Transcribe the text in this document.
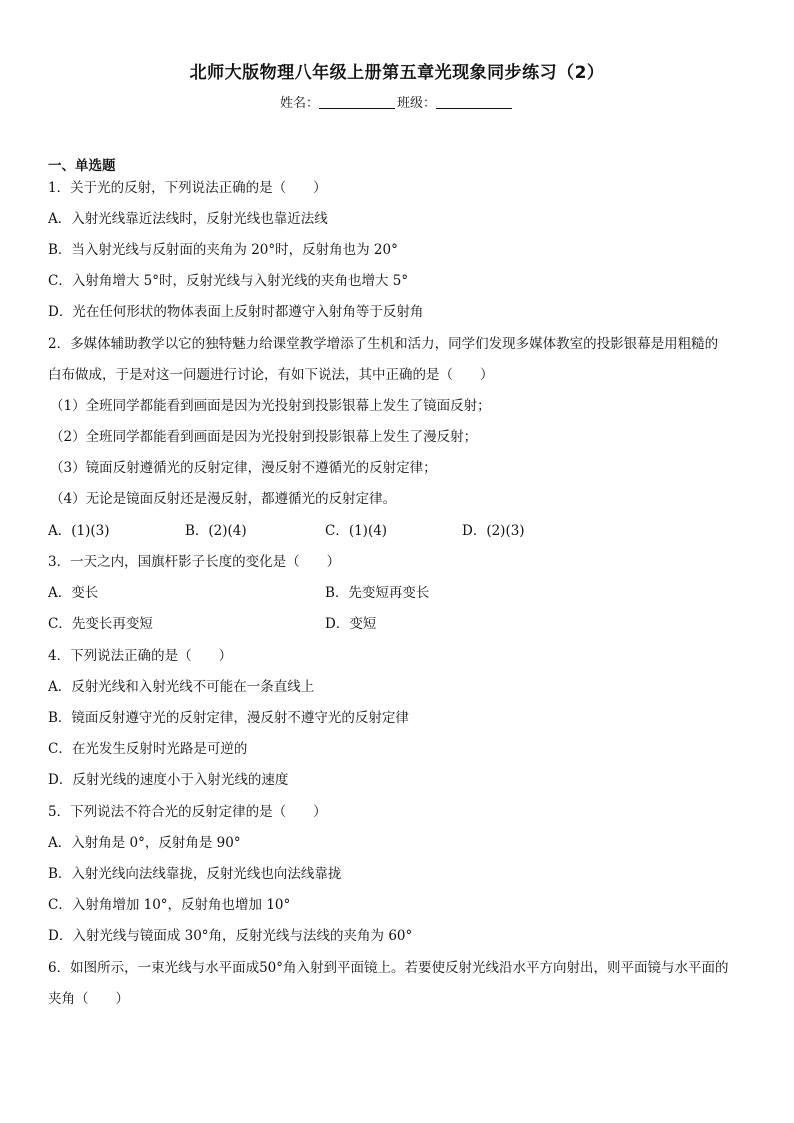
北师大版物理八年级上册第五章光现象同步练习（2）
姓名：	班级：
一、单选题
1．关于光的反射，下列说法正确的是（　　）
A．入射光线靠近法线时，反射光线也靠近法线
B．当入射光线与反射面的夹角为 20°时，反射角也为 20°
C．入射角增大 5°时，反射光线与入射光线的夹角也增大 5°
D．光在任何形状的物体表面上反射时都遵守入射角等于反射角
2．多媒体辅助教学以它的独特魅力给课堂教学增添了生机和活力，同学们发现多媒体教室的投影银幕是用粗糙的
白布做成，于是对这一问题进行讨论，有如下说法，其中正确的是（　　）
（1）全班同学都能看到画面是因为光投射到投影银幕上发生了镜面反射；
（2）全班同学都能看到画面是因为光投射到投影银幕上发生了漫反射；
（3）镜面反射遵循光的反射定律，漫反射不遵循光的反射定律；
（4）无论是镜面反射还是漫反射，都遵循光的反射定律。
A．(1)(3)	B．(2)(4)	C．(1)(4)	D．(2)(3)
3．一天之内，国旗杆影子长度的变化是（　　）
A．变长	B．先变短再变长
C．先变长再变短	D．变短
4．下列说法正确的是（　　）
A．反射光线和入射光线不可能在一条直线上
B．镜面反射遵守光的反射定律，漫反射不遵守光的反射定律
C．在光发生反射时光路是可逆的
D．反射光线的速度小于入射光线的速度
5．下列说法不符合光的反射定律的是（　　）
A．入射角是 0°，反射角是 90°
B．入射光线向法线靠拢，反射光线也向法线靠拢
C．入射角增加 10°，反射角也增加 10°
D．入射光线与镜面成 30°角，反射光线与法线的夹角为 60°
6．如图所示，一束光线与水平面成50°角入射到平面镜上。若要使反射光线沿水平方向射出，则平面镜与水平面的
夹角（　　）
